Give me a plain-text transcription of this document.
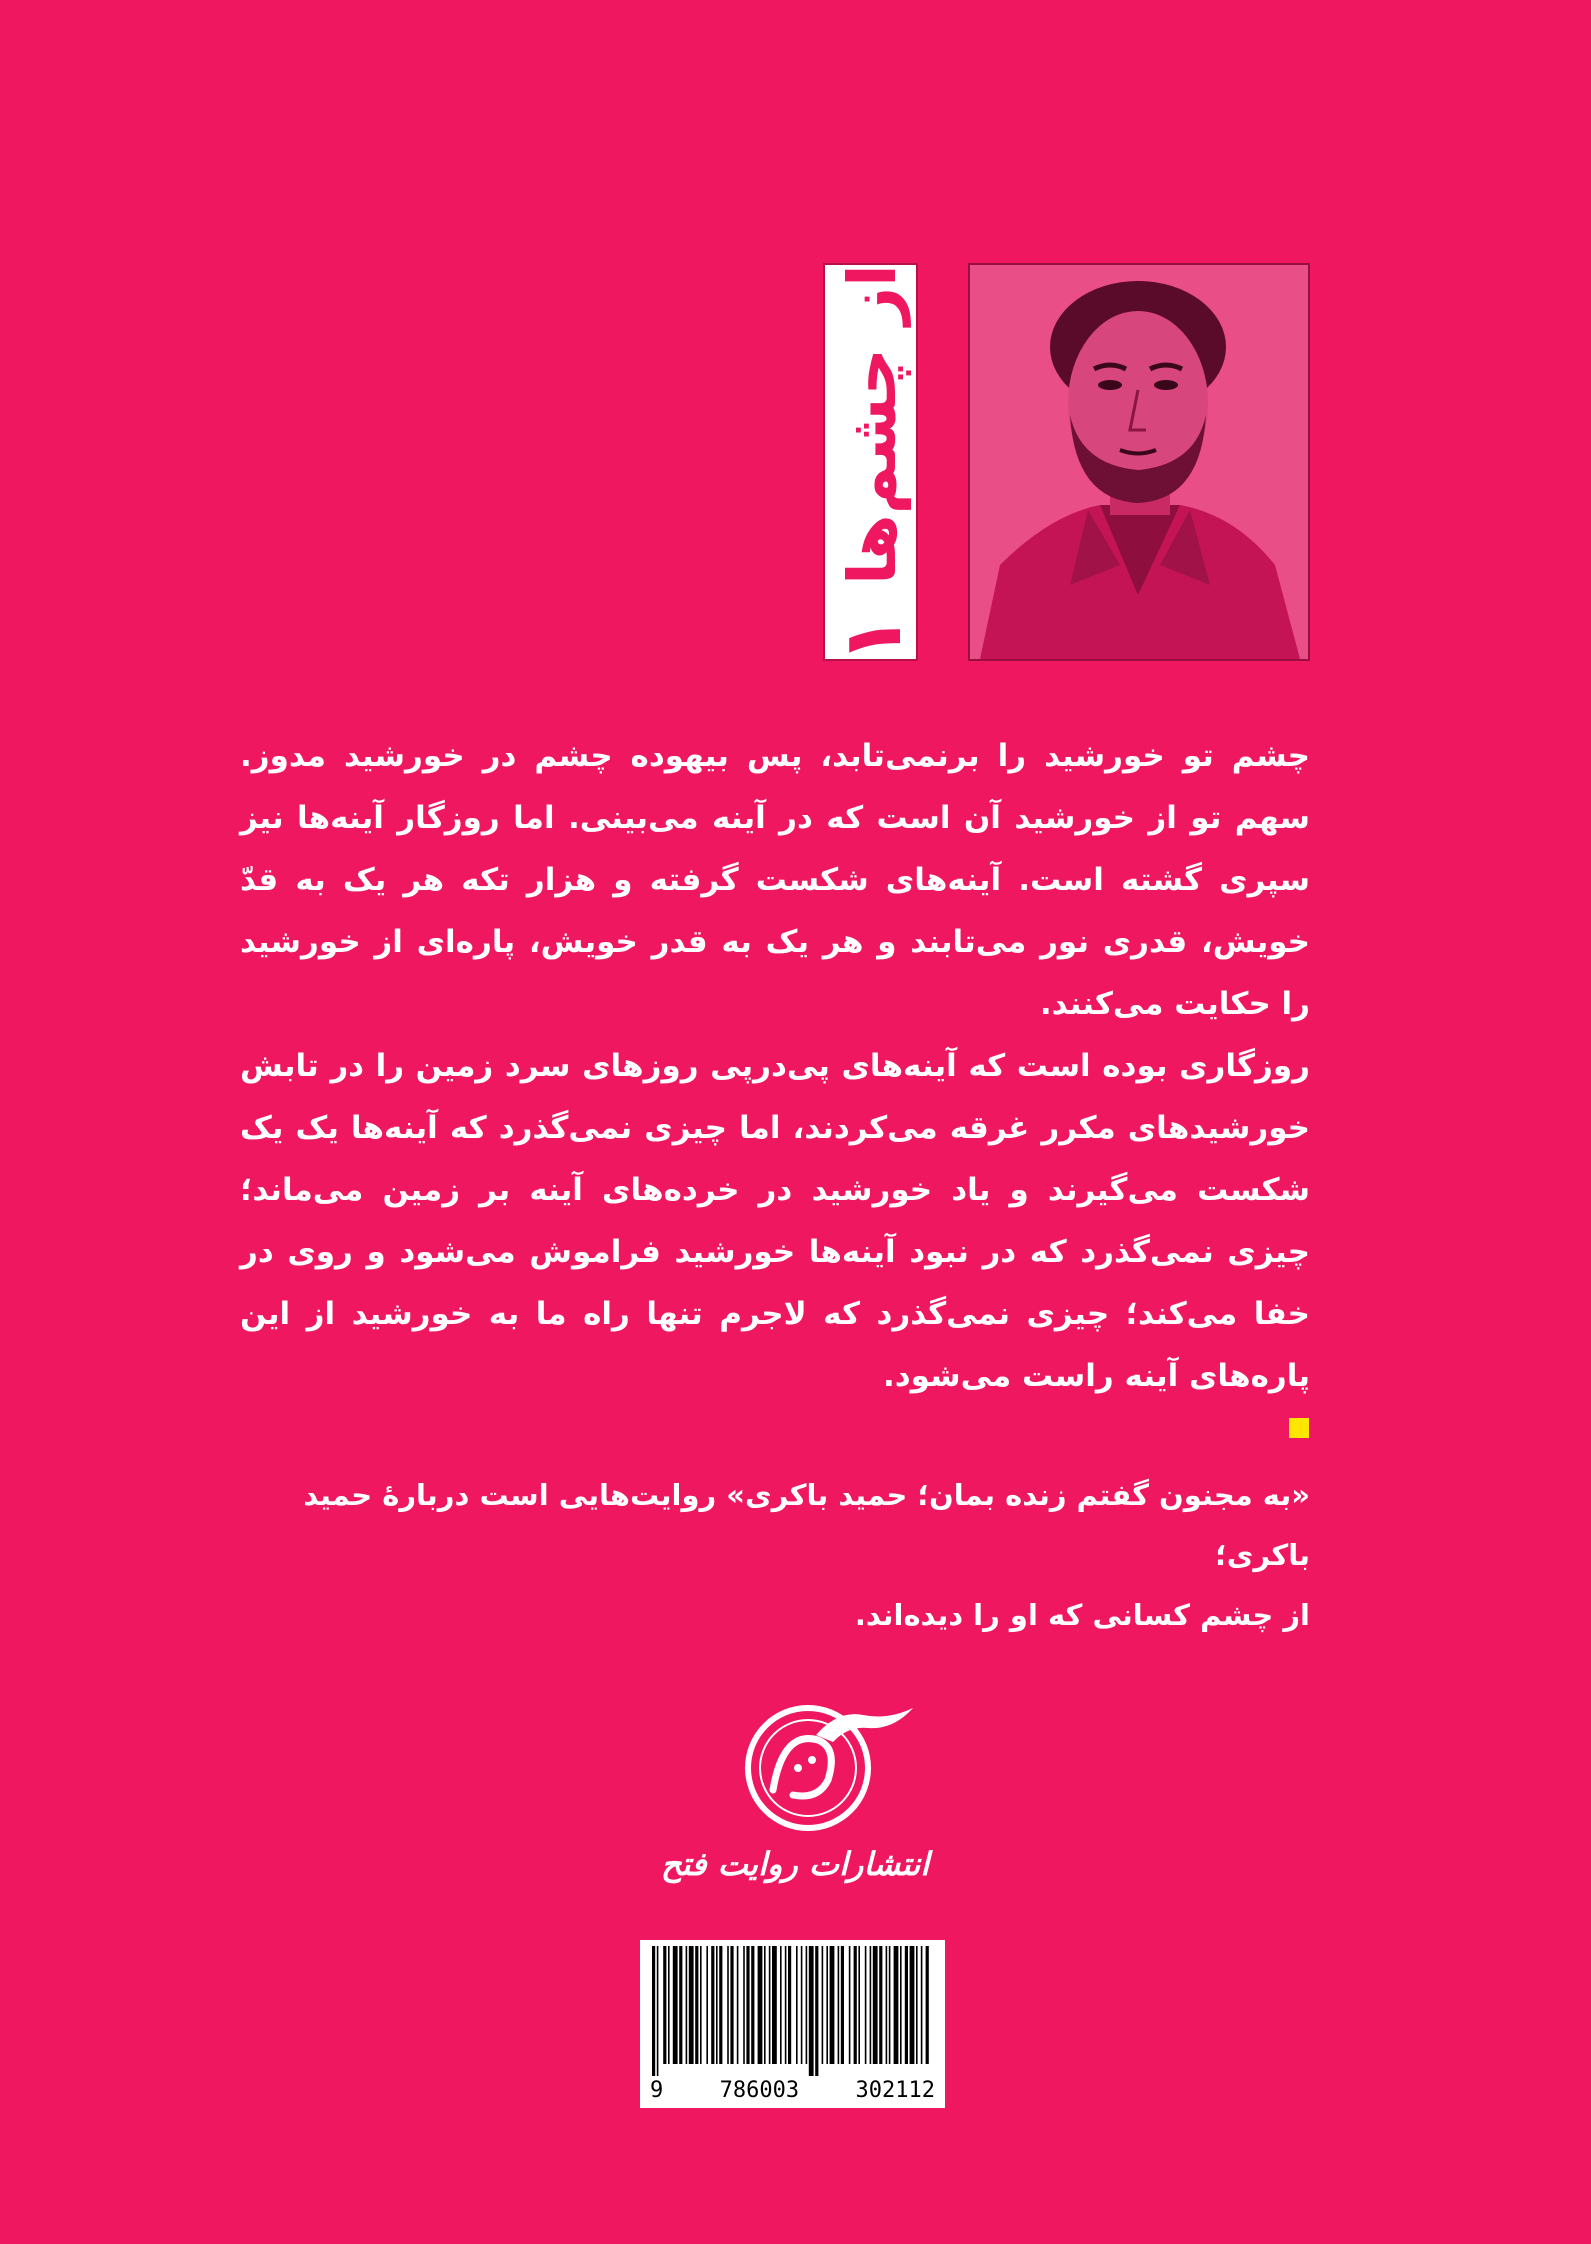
از چشم‌ها
۱

چشم تو خورشید را برنمی‌تابد، پس بیهوده چشم در خورشید مدوز. سهم تو از خورشید آن است که در آینه می‌بینی. اما روزگار آینه‌ها نیز سپری گشته است. آینه‌های شکست گرفته و هزار تکه هر یک به قدّ خویش، قدری نور می‌تابند و هر یک به قدر خویش، پاره‌ای از خورشید را حکایت می‌کنند.

روزگاری بوده است که آینه‌های پی‌درپی روزهای سرد زمین را در تابش خورشیدهای مکرر غرقه می‌کردند، اما چیزی نمی‌گذرد که آینه‌ها یک یک شکست می‌گیرند و یاد خورشید در خرده‌های آینه بر زمین می‌ماند؛ چیزی نمی‌گذرد که در نبود آینه‌ها خورشید فراموش می‌شود و روی در خفا می‌کند؛ چیزی نمی‌گذرد که لاجرم تنها راه ما به خورشید از این پاره‌های آینه راست می‌شود.

«به مجنون گفتم زنده بمان؛ حمید باکری» روایت‌هایی است دربارهٔ حمید باکری؛

از چشم کسانی که او را دیده‌اند.

انتشارات روایت فتح
9	786003	302112
